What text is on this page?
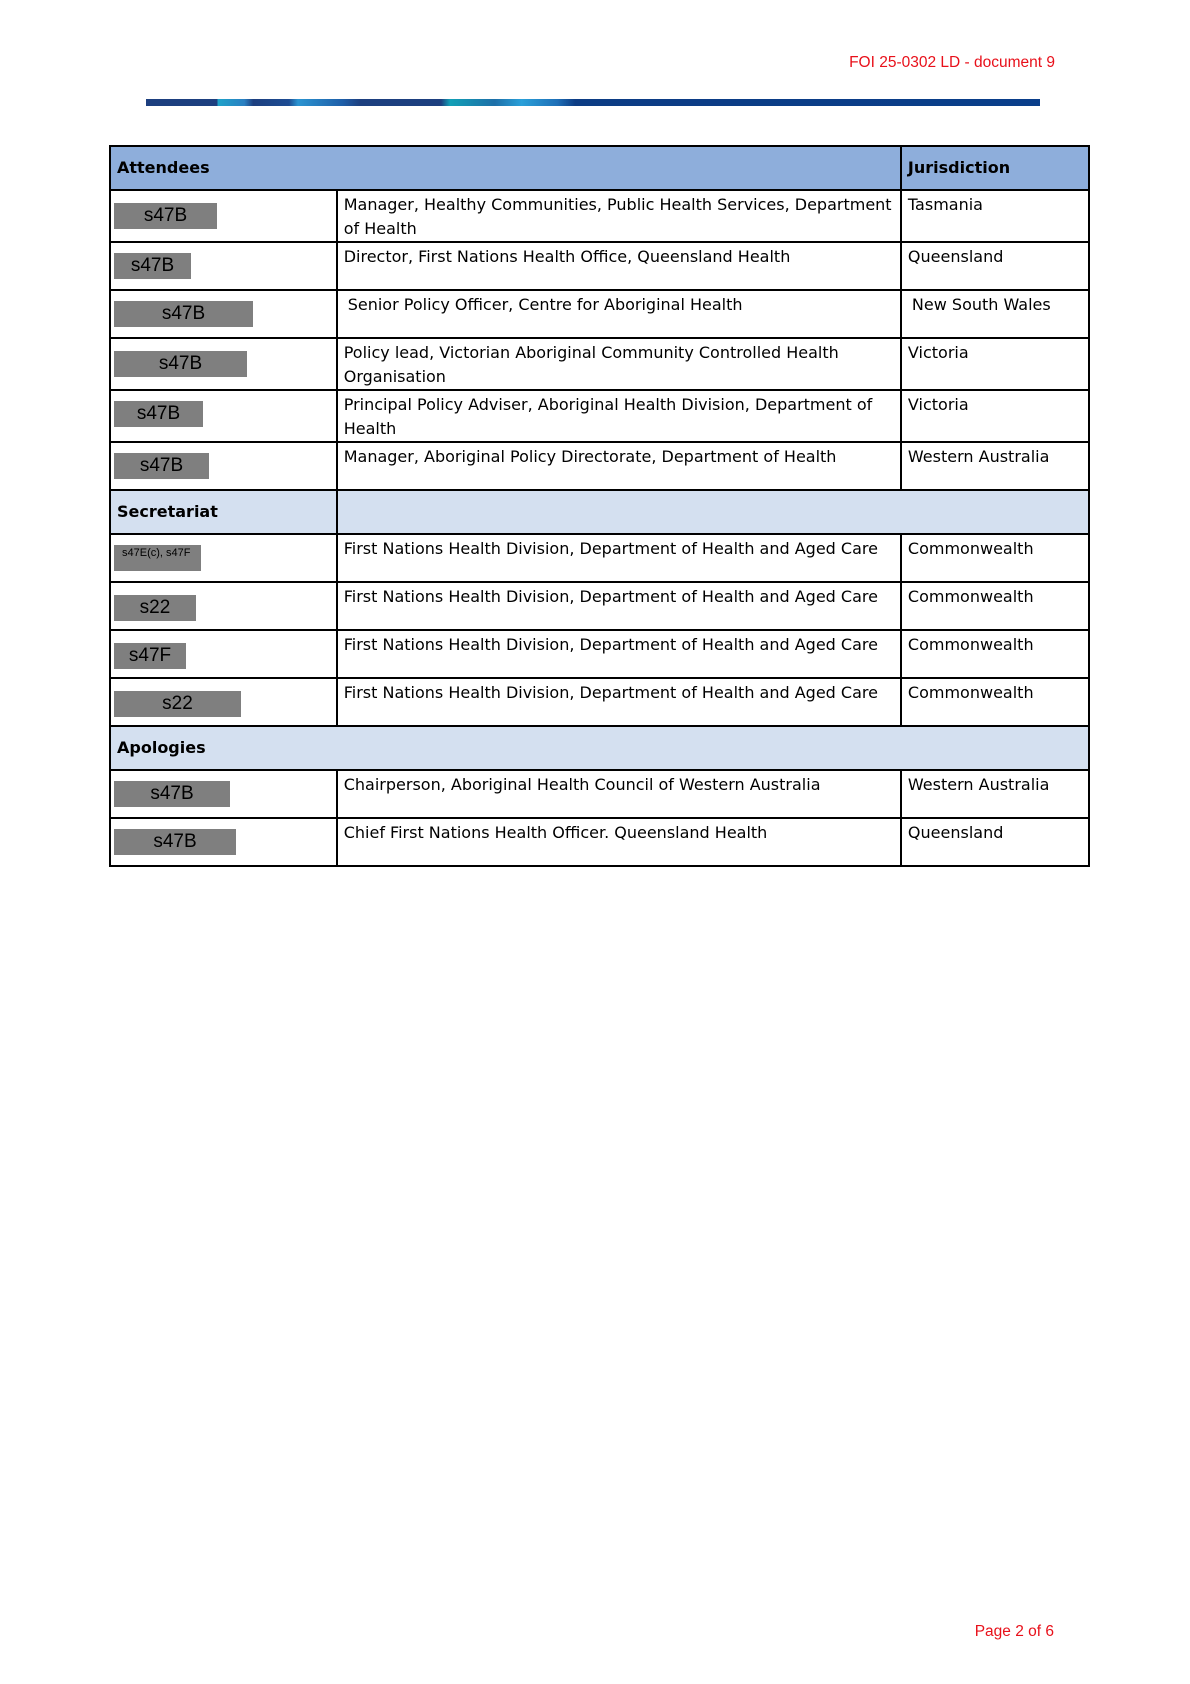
FOI 25-0302 LD - document 9
Attendees		Jurisdiction

s47B	Manager, Healthy Communities, Public Health Services, Department of Health	Tasmania

s47B	Director, First Nations Health Office, Queensland Health	Queensland

s47B	Senior Policy Officer, Centre for Aboriginal Health	New South Wales

s47B	Policy lead, Victorian Aboriginal Community Controlled Health Organisation	Victoria

s47B	Principal Policy Adviser, Aboriginal Health Division, Department of Health	Victoria

s47B	Manager, Aboriginal Policy Directorate, Department of Health	Western Australia
Secretariat		

s47E(c), s47F	First Nations Health Division, Department of Health and Aged Care	Commonwealth

s22	First Nations Health Division, Department of Health and Aged Care	Commonwealth

s47F	First Nations Health Division, Department of Health and Aged Care	Commonwealth

s22	First Nations Health Division, Department of Health and Aged Care	Commonwealth
Apologies		

s47B	Chairperson, Aboriginal Health Council of Western Australia	Western Australia

s47B	Chief First Nations Health Officer. Queensland Health	Queensland
Page 2 of 6
